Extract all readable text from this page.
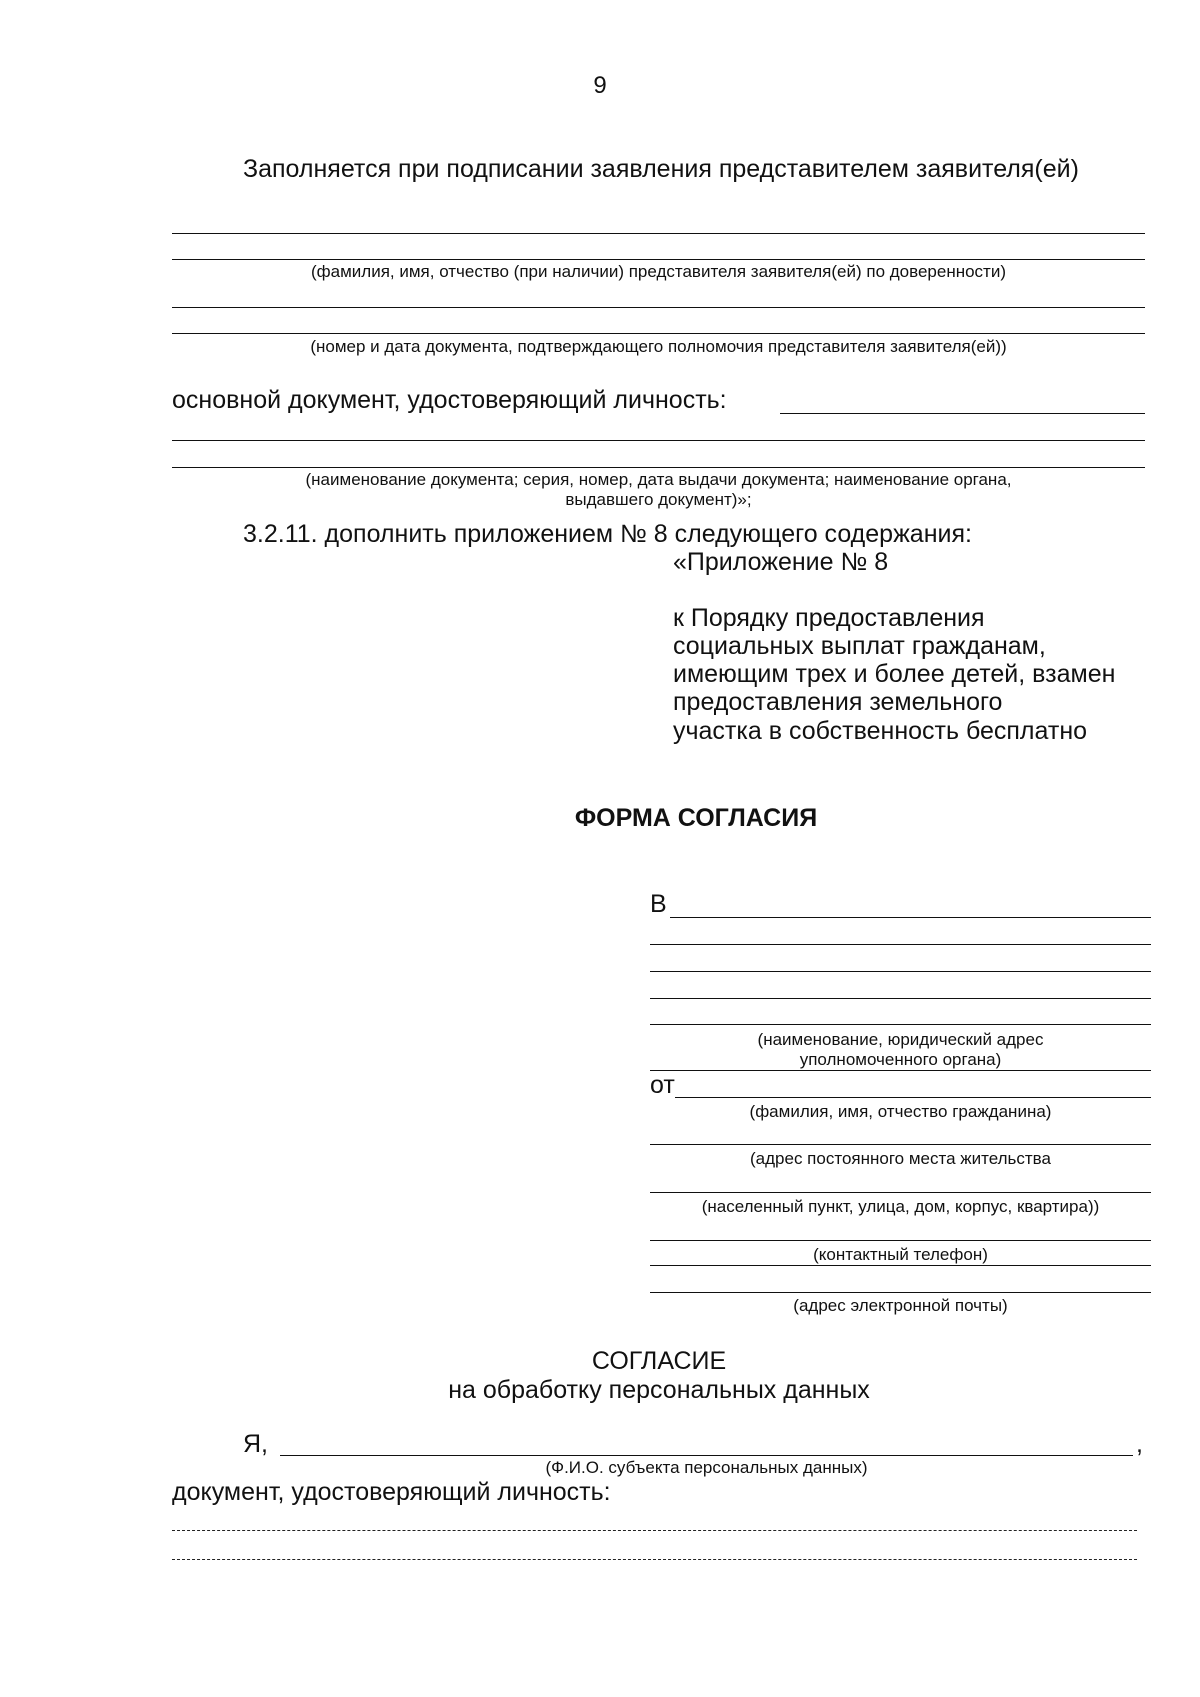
9
Заполняется при подписании заявления представителем заявителя(ей)
(фамилия, имя, отчество (при наличии) представителя заявителя(ей) по доверенности)
(номер и дата документа, подтверждающего полномочия представителя заявителя(ей))
основной документ, удостоверяющий личность:
(наименование документа; серия, номер, дата выдачи документа; наименование органа,
выдавшего документ)»;
3.2.11. дополнить приложением № 8 следующего содержания:
«Приложение № 8
к Порядку предоставления
социальных выплат гражданам,
имеющим трех и более детей, взамен
предоставления земельного
участка в собственность бесплатно
ФОРМА СОГЛАСИЯ
В
(наименование, юридический адрес
уполномоченного органа)
от
(фамилия, имя, отчество гражданина)
(адрес постоянного места жительства
(населенный пункт, улица, дом, корпус, квартира))
(контактный телефон)
(адрес электронной почты)
СОГЛАСИЕ
на обработку персональных данных
Я,	,
(Ф.И.О. субъекта персональных данных)
документ, удостоверяющий личность:
